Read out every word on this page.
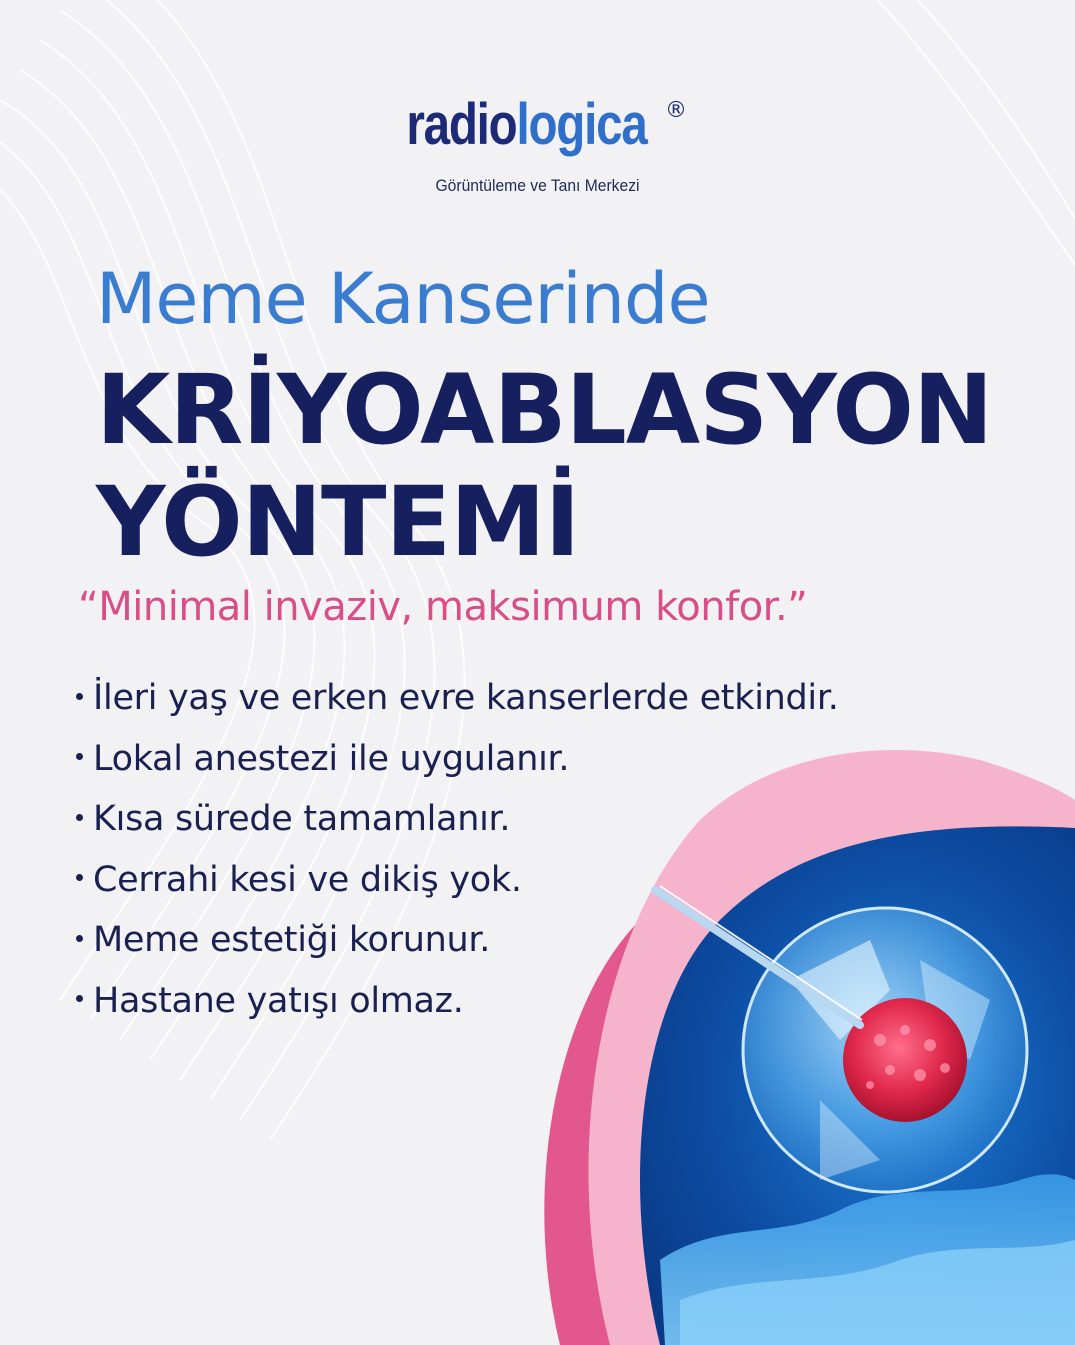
radiologica ®
Görüntüleme ve Tanı Merkezi
Meme Kanserinde
KRİYOABLASYON
YÖNTEMİ
“Minimal invaziv, maksimum konfor.”
İleri yaş ve erken evre kanserlerde etkindir.
Lokal anestezi ile uygulanır.
Kısa sürede tamamlanır.
Cerrahi kesi ve dikiş yok.
Meme estetiği korunur.
Hastane yatışı olmaz.
